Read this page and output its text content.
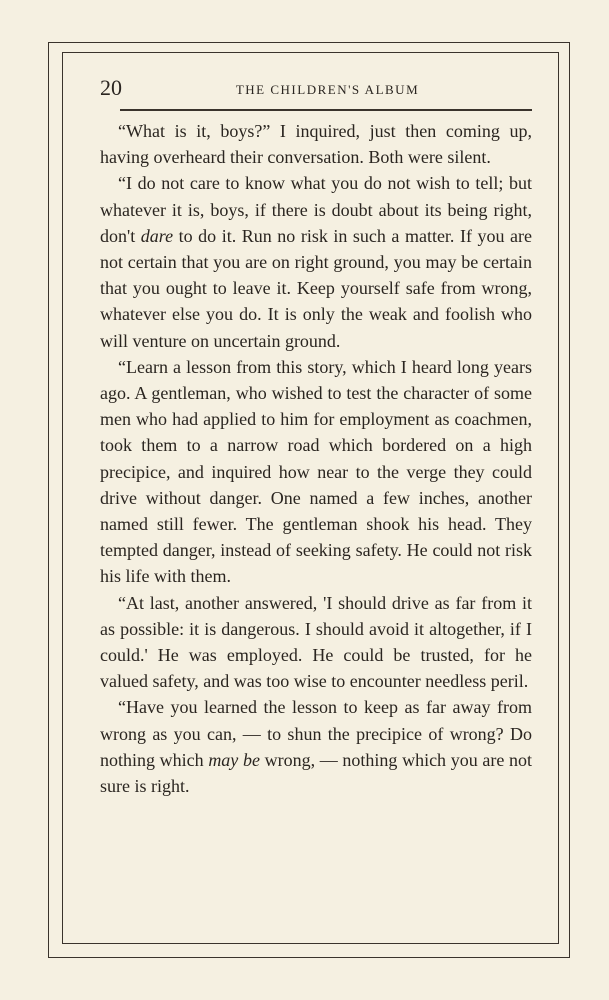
20	THE CHILDREN'S ALBUM

“What is it, boys?” I inquired, just then coming up, having overheard their conversation. Both were silent.

“I do not care to know what you do not wish to tell; but whatever it is, boys, if there is doubt about its being right, don't dare to do it. Run no risk in such a matter. If you are not certain that you are on right ground, you may be certain that you ought to leave it. Keep yourself safe from wrong, whatever else you do. It is only the weak and foolish who will venture on uncertain ground.

“Learn a lesson from this story, which I heard long years ago. A gentleman, who wished to test the character of some men who had applied to him for employment as coachmen, took them to a narrow road which bordered on a high precipice, and inquired how near to the verge they could drive without danger. One named a few inches, another named still fewer. The gentleman shook his head. They tempted danger, instead of seeking safety. He could not risk his life with them.

“At last, another answered, 'I should drive as far from it as possible: it is dangerous. I should avoid it altogether, if I could.' He was employed. He could be trusted, for he valued safety, and was too wise to encounter needless peril.

“Have you learned the lesson to keep as far away from wrong as you can, — to shun the precipice of wrong? Do nothing which may be wrong, — nothing which you are not sure is right.
